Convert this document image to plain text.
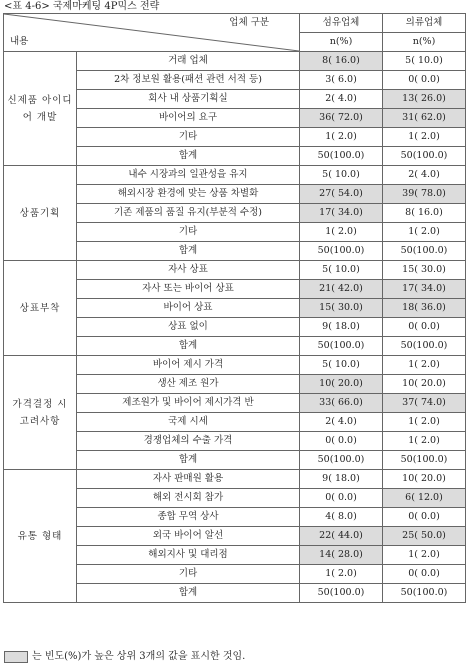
<표 4-6> 국제마케팅 4P믹스 전략
업체 구분
내용		섬유업체	의류업체
		n(%)	n(%)
신제품 아이디어 개발	거래 업체	8( 16.0)	5( 10.0)
	2차 정보원 활용(패션 관련 서적 등)	3( 6.0)	0( 0.0)
	회사 내 상품기획실	2( 4.0)	13( 26.0)
	바이어의 요구	36( 72.0)	31( 62.0)
	기타	1( 2.0)	1( 2.0)
	합계	50(100.0)	50(100.0)
상품기획	내수 시장과의 일관성을 유지	5( 10.0)	2( 4.0)
	해외시장 환경에 맞는 상품 차별화	27( 54.0)	39( 78.0)
	기존 제품의 품질 유지(부분적 수정)	17( 34.0)	8( 16.0)
	기타	1( 2.0)	1( 2.0)
	합계	50(100.0)	50(100.0)
상표부착	자사 상표	5( 10.0)	15( 30.0)
	자사 또는 바이어 상표	21( 42.0)	17( 34.0)
	바이어 상표	15( 30.0)	18( 36.0)
	상표 없이	9( 18.0)	0( 0.0)
	합계	50(100.0)	50(100.0)
가격결정 시 고려사항	바이어 제시 가격	5( 10.0)	1( 2.0)
	생산 제조 원가	10( 20.0)	10( 20.0)
	제조원가 및 바이어 제시가격 반	33( 66.0)	37( 74.0)
	국제 시세	2( 4.0)	1( 2.0)
	경쟁업체의 수출 가격	0( 0.0)	1( 2.0)
	합계	50(100.0)	50(100.0)
유통 형태	자사 판매원 활용	9( 18.0)	10( 20.0)
	해외 전시회 참가	0( 0.0)	6( 12.0)
	종합 무역 상사	4( 8.0)	0( 0.0)
	외국 바이어 알선	22( 44.0)	25( 50.0)
	해외지사 및 대리점	14( 28.0)	1( 2.0)
	기타	1( 2.0)	0( 0.0)
	합계	50(100.0)	50(100.0)
는 빈도(%)가 높은 상위 3개의 값을 표시한 것임.
